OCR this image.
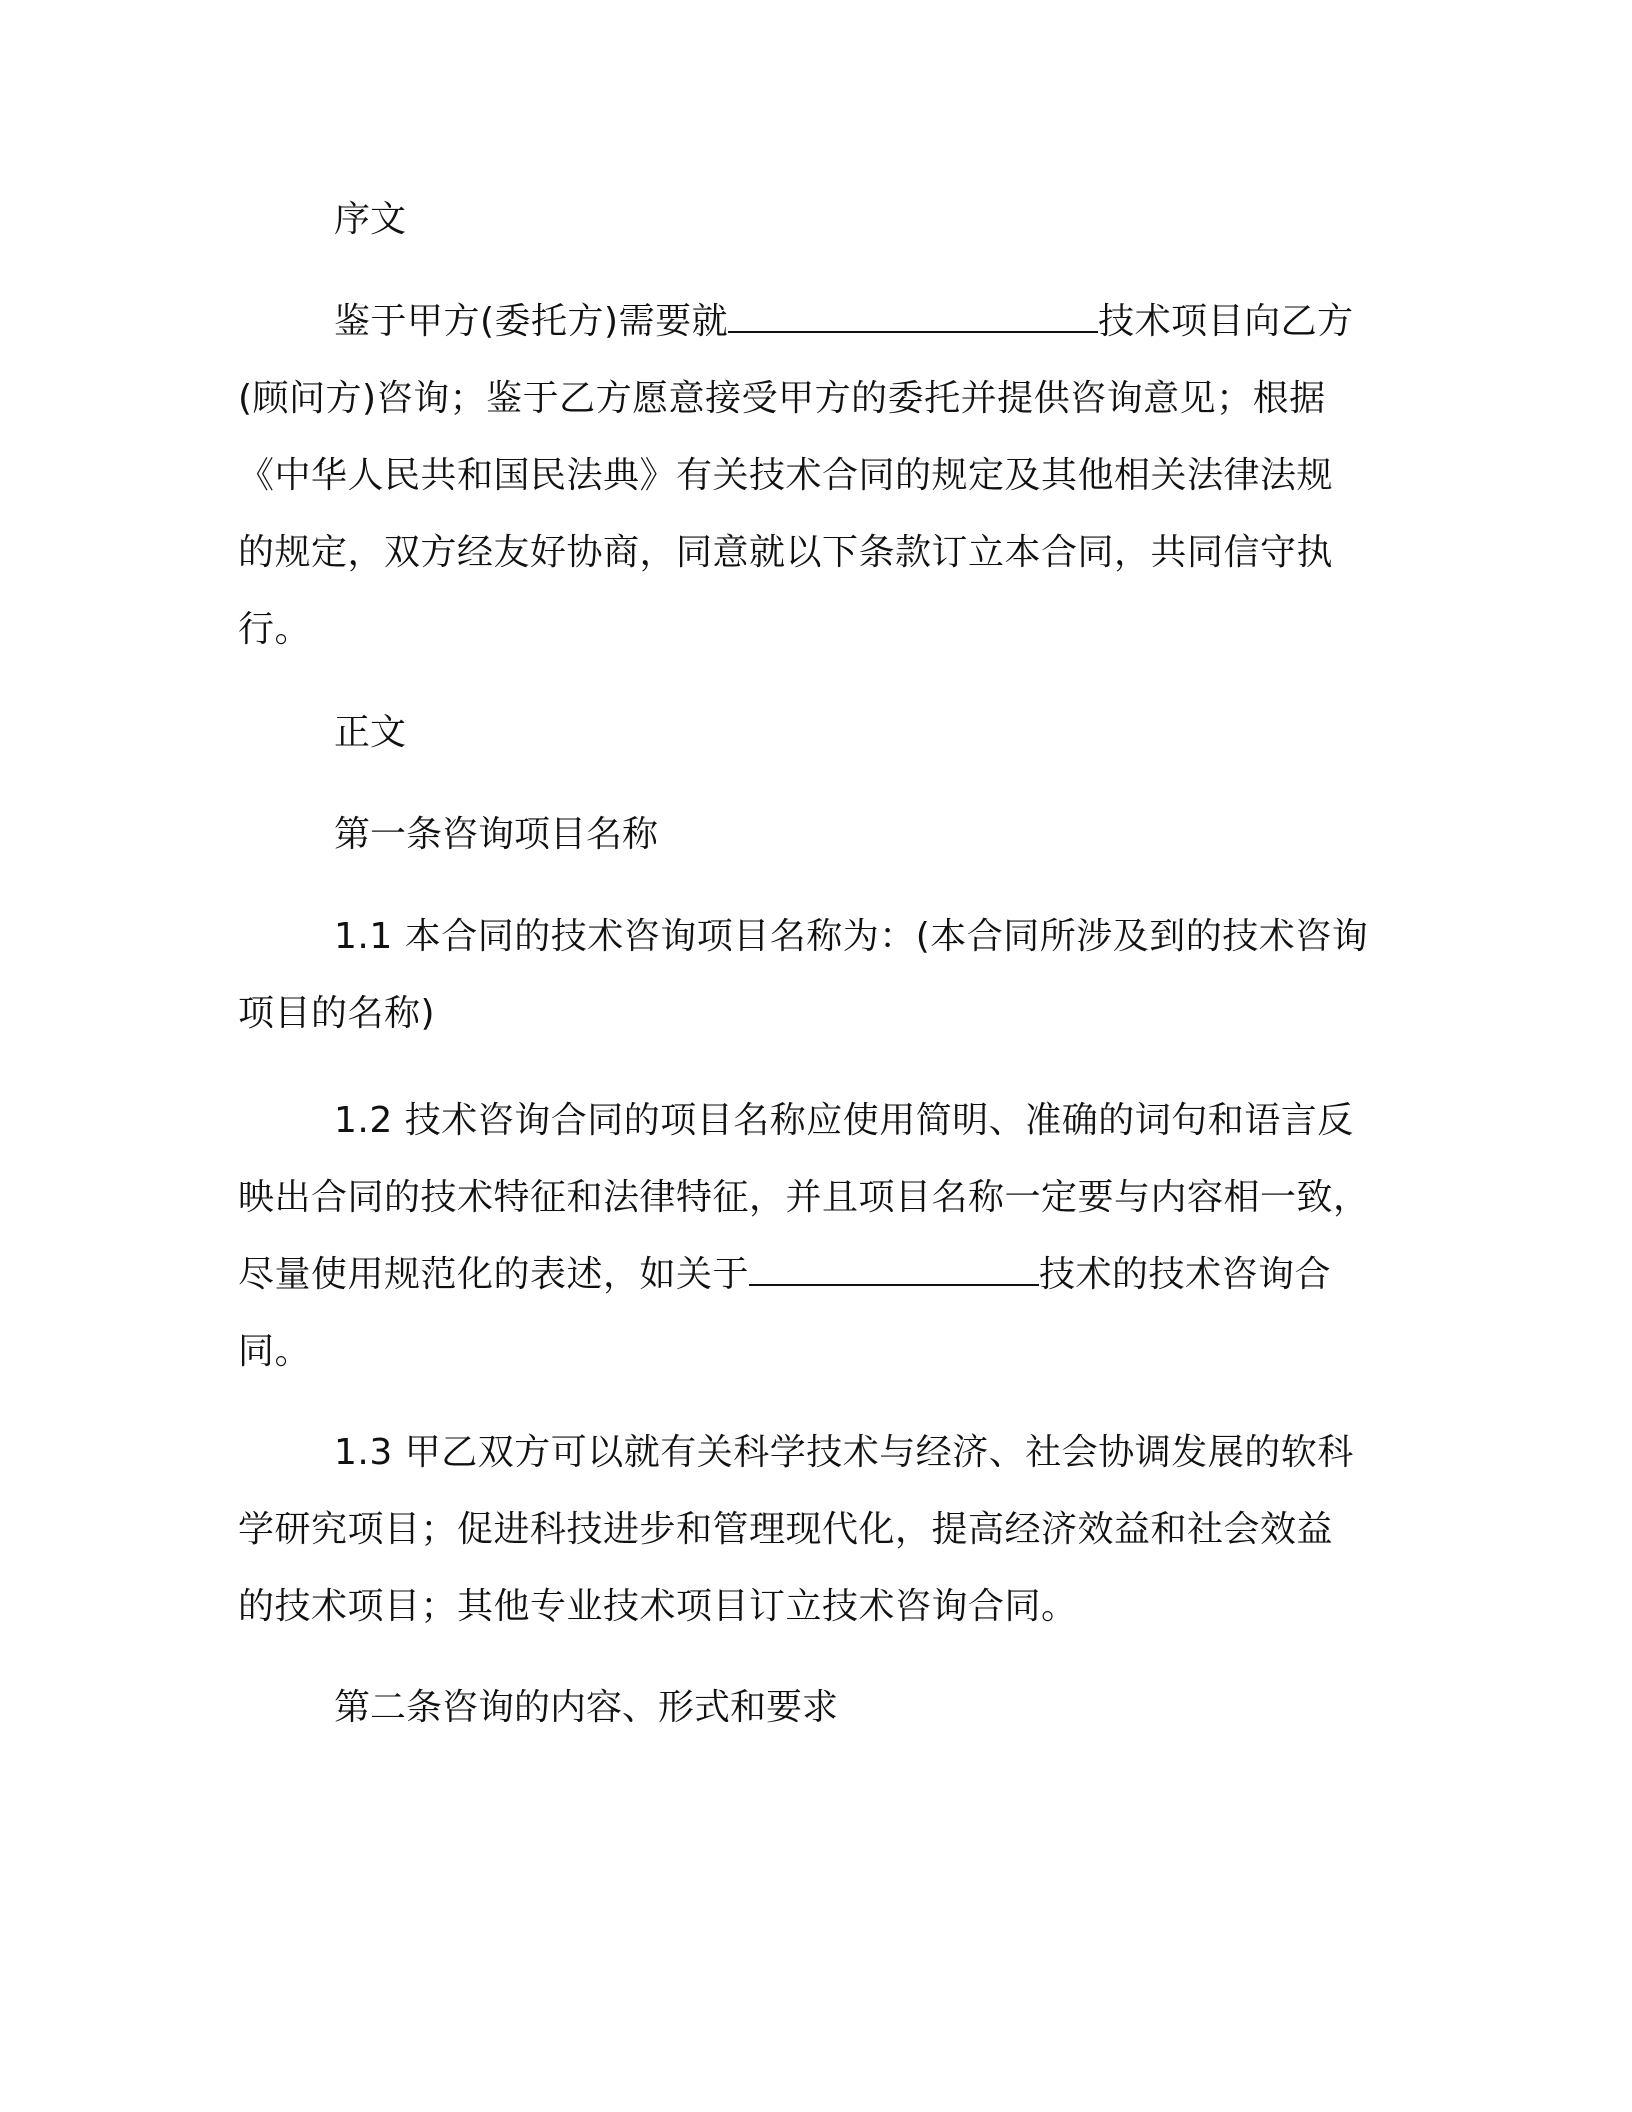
序文
鉴于甲方(委托方)需要就	技术项目向乙方
(顾问方)咨询；鉴于乙方愿意接受甲方的委托并提供咨询意见；根据
《中华人民共和国民法典》有关技术合同的规定及其他相关法律法规
的规定，双方经友好协商，同意就以下条款订立本合同，共同信守执
行。
正文
第一条咨询项目名称
1.1 本合同的技术咨询项目名称为：(本合同所涉及到的技术咨询
项目的名称)
1.2 技术咨询合同的项目名称应使用简明、准确的词句和语言反
映出合同的技术特征和法律特征，并且项目名称一定要与内容相一致，
尽量使用规范化的表述，如关于	技术的技术咨询合
同。
1.3 甲乙双方可以就有关科学技术与经济、社会协调发展的软科
学研究项目；促进科技进步和管理现代化，提高经济效益和社会效益
的技术项目；其他专业技术项目订立技术咨询合同。
第二条咨询的内容、形式和要求
